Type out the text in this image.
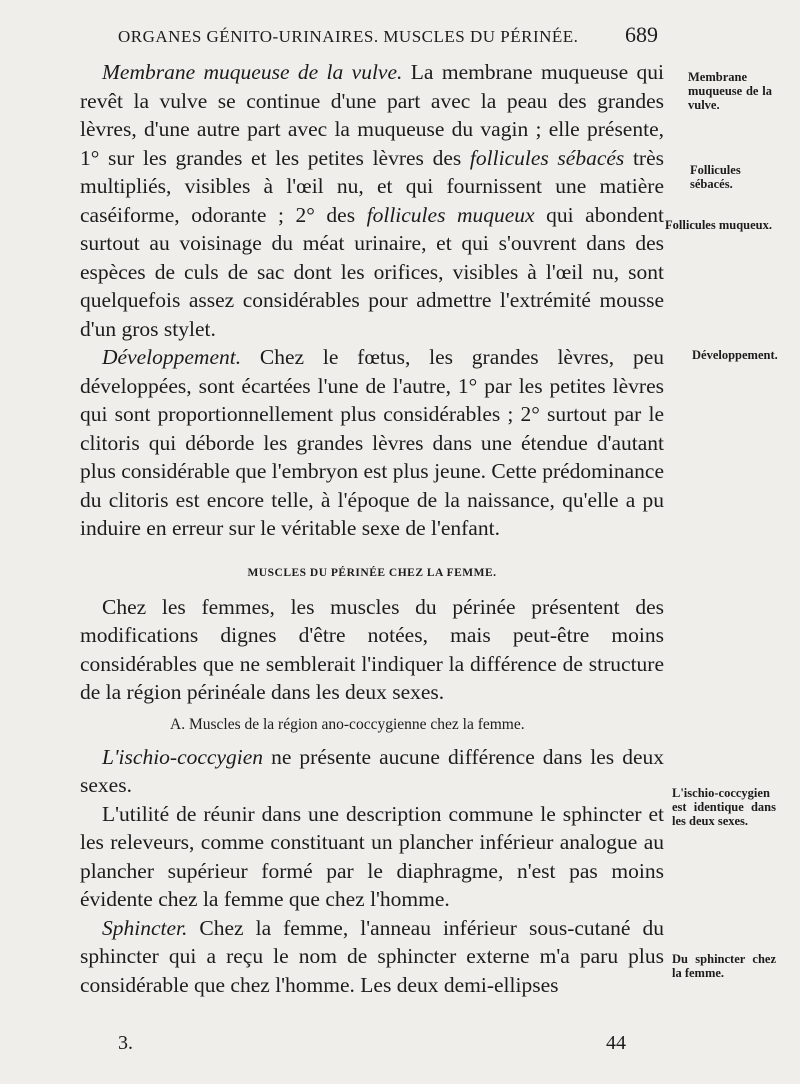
ORGANES GÉNITO-URINAIRES. MUSCLES DU PÉRINÉE. 689

Membrane muqueuse de la vulve. La membrane muqueuse qui revêt la vulve se continue d'une part avec la peau des grandes lèvres, d'une autre part avec la muqueuse du vagin ; elle présente, 1° sur les grandes et les petites lèvres des follicules sébacés très multipliés, visibles à l'œil nu, et qui fournissent une matière caséiforme, odorante ; 2° des follicules muqueux qui abondent surtout au voisinage du méat urinaire, et qui s'ouvrent dans des espèces de culs de sac dont les orifices, visibles à l'œil nu, sont quelquefois assez considérables pour admettre l'extrémité mousse d'un gros stylet.

Développement. Chez le fœtus, les grandes lèvres, peu développées, sont écartées l'une de l'autre, 1° par les petites lèvres qui sont proportionnellement plus considérables ; 2° surtout par le clitoris qui déborde les grandes lèvres dans une étendue d'autant plus considérable que l'embryon est plus jeune. Cette prédominance du clitoris est encore telle, à l'époque de la naissance, qu'elle a pu induire en erreur sur le véritable sexe de l'enfant.

MUSCLES DU PÉRINÉE CHEZ LA FEMME.

Chez les femmes, les muscles du périnée présentent des modifications dignes d'être notées, mais peut-être moins considérables que ne semblerait l'indiquer la différence de structure de la région périnéale dans les deux sexes.

A. Muscles de la région ano-coccygienne chez la femme.

L'ischio-coccygien ne présente aucune différence dans les deux sexes.

L'utilité de réunir dans une description commune le sphincter et les releveurs, comme constituant un plancher inférieur analogue au plancher supérieur formé par le diaphragme, n'est pas moins évidente chez la femme que chez l'homme.

Sphincter. Chez la femme, l'anneau inférieur sous-cutané du sphincter qui a reçu le nom de sphincter externe m'a paru plus considérable que chez l'homme. Les deux demi-ellipses

Membrane muqueuse de la vulve.
Follicules sébacés.
Follicules muqueux.
Développement.
L'ischio-coccygien est identique dans les deux sexes.
Du sphincter chez la femme.
3.	44
